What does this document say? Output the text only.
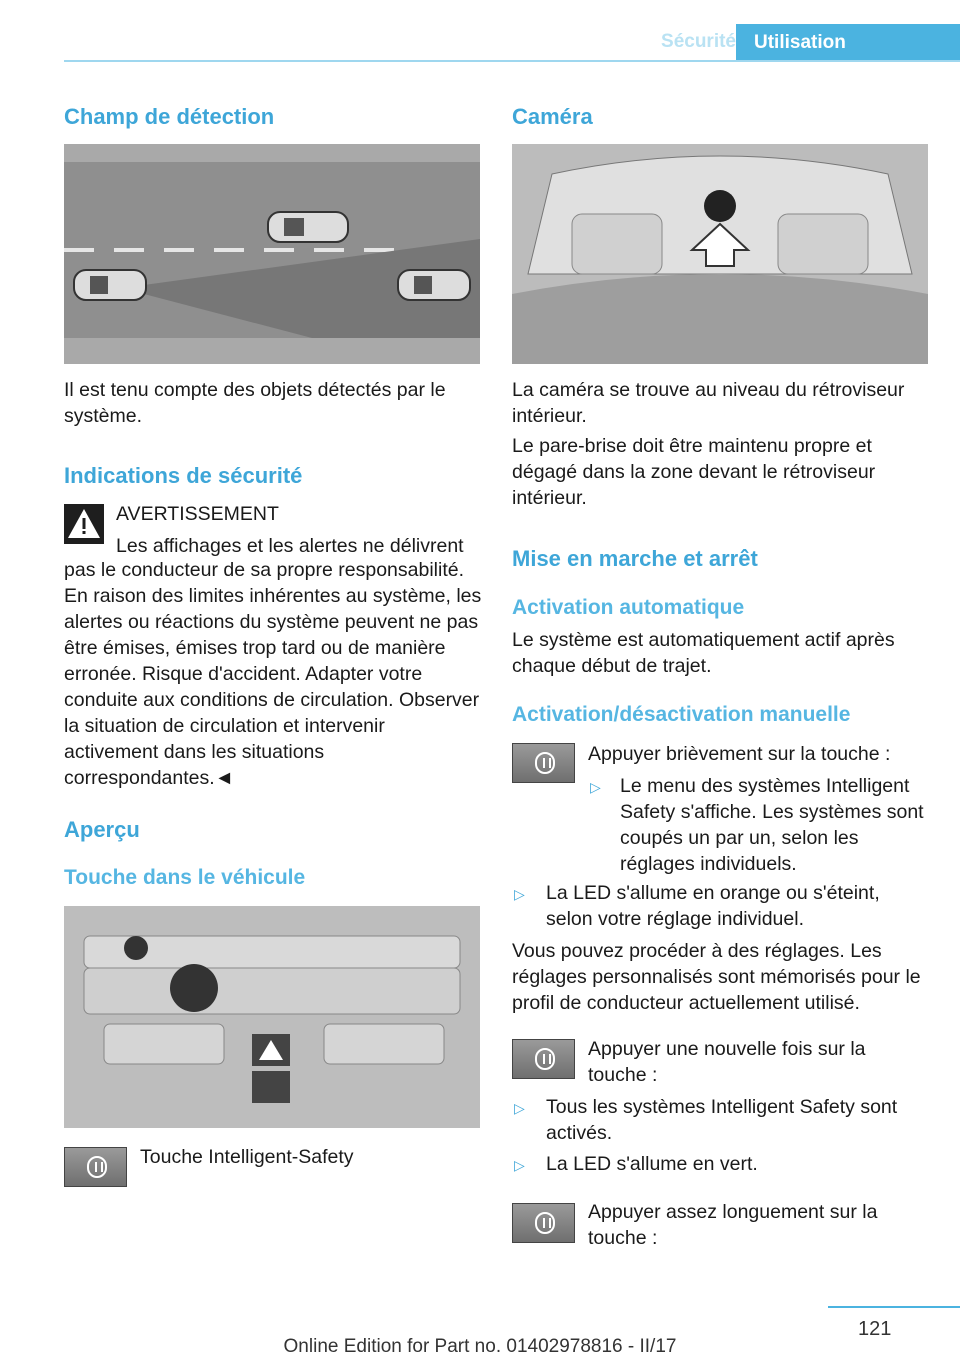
Sécurité Utilisation
Champ de détection

Il est tenu compte des objets détectés par le système.

Indications de sécurité

AVERTISSEMENT

Les affichages et les alertes ne délivrent

pas le conducteur de sa propre responsabilité. En raison des limites inhérentes au système, les alertes ou réactions du système peuvent ne pas être émises, émises trop tard ou de manière erronée. Risque d'accident. Adapter votre conduite aux conditions de circulation. Observer la situation de circulation et intervenir activement dans les situations correspondantes.◄

Aperçu
Touche dans le véhicule

Touche Intelligent-Safety

Caméra

La caméra se trouve au niveau du rétroviseur intérieur.

Le pare-brise doit être maintenu propre et dégagé dans la zone devant le rétroviseur intérieur.

Mise en marche et arrêt
Activation automatique

Le système est automatiquement actif après chaque début de trajet.

Activation/désactivation manuelle

Appuyer brièvement sur la touche :

▷ Le menu des systèmes Intelligent Safety s'affiche. Les systèmes sont coupés un par un, selon les réglages individuels.

▷ La LED s'allume en orange ou s'éteint, selon votre réglage individuel.

Vous pouvez procéder à des réglages. Les réglages personnalisés sont mémorisés pour le profil de conducteur actuellement utilisé.

Appuyer une nouvelle fois sur la touche :

▷ Tous les systèmes Intelligent Safety sont activés.

▷ La LED s'allume en vert.

Appuyer assez longuement sur la touche :

121
Online Edition for Part no. 01402978816 - II/17
